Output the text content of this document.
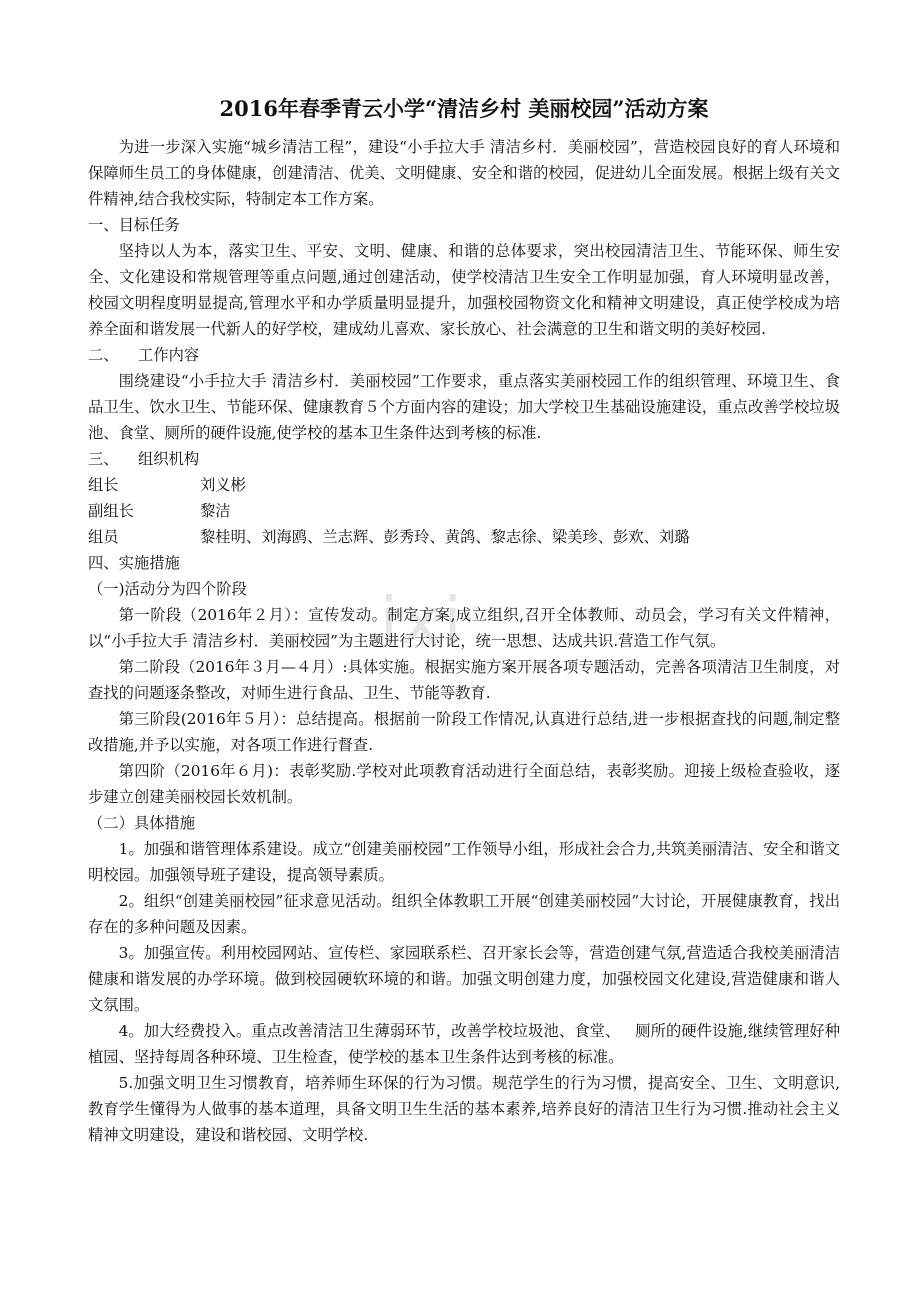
ixi
2016年春季青云小学“清洁乡村 美丽校园”活动方案

为进一步深入实施“城乡清洁工程”，建设“小手拉大手 清洁乡村．美丽校园”，营造校园良好的育人环境和保障师生员工的身体健康，创建清洁、优美、文明健康、安全和谐的校园，促进幼儿全面发展。根据上级有关文件精神,结合我校实际，特制定本工作方案。

一、目标任务

坚持以人为本，落实卫生、平安、文明、健康、和谐的总体要求，突出校园清洁卫生、节能环保、师生安全、文化建设和常规管理等重点问题,通过创建活动，使学校清洁卫生安全工作明显加强，育人环境明显改善，校园文明程度明显提高,管理水平和办学质量明显提升，加强校园物资文化和精神文明建设，真正使学校成为培养全面和谐发展一代新人的好学校，建成幼儿喜欢、家长放心、社会满意的卫生和谐文明的美好校园.

二、    工作内容

围绕建设“小手拉大手 清洁乡村．美丽校园”工作要求，重点落实美丽校园工作的组织管理、环境卫生、食品卫生、饮水卫生、节能环保、健康教育５个方面内容的建设；加大学校卫生基础设施建设，重点改善学校垃圾池、食堂、厕所的硬件设施,使学校的基本卫生条件达到考核的标准.

三、    组织机构

组长	刘义彬
副组长	黎洁
组员	黎桂明、刘海鸥、兰志辉、彭秀玲、黄鸽、黎志徐、梁美珍、彭欢、刘璐

四、实施措施

（一)活动分为四个阶段

第一阶段（2016年２月）：宣传发动。制定方案,成立组织,召开全体教师、动员会，学习有关文件精神，以“小手拉大手 清洁乡村．美丽校园”为主题进行大讨论，统一思想、达成共识.营造工作气氛。

第二阶段（2016年３月—４月）:具体实施。根据实施方案开展各项专题活动，完善各项清洁卫生制度，对查找的问题逐条整改，对师生进行食品、卫生、节能等教育.

第三阶段(2016年５月）：总结提高。根据前一阶段工作情况,认真进行总结,进一步根据查找的问题,制定整改措施,并予以实施，对各项工作进行督查.

第四阶（2016年６月)：表彰奖励.学校对此项教育活动进行全面总结，表彰奖励。迎接上级检查验收，逐步建立创建美丽校园长效机制。

（二）具体措施

1。加强和谐管理体系建设。成立“创建美丽校园”工作领导小组，形成社会合力,共筑美丽清洁、安全和谐文明校园。加强领导班子建设，提高领导素质。

2。组织“创建美丽校园”征求意见活动。组织全体教职工开展“创建美丽校园”大讨论，开展健康教育，找出存在的多种问题及因素。

3。加强宣传。利用校园网站、宣传栏、家园联系栏、召开家长会等，营造创建气氛,营造适合我校美丽清洁健康和谐发展的办学环境。做到校园硬软环境的和谐。加强文明创建力度，加强校园文化建设,营造健康和谐人文氛围。

4。加大经费投入。重点改善清洁卫生薄弱环节，改善学校垃圾池、食堂、   厕所的硬件设施,继续管理好种植园、坚持每周各种环境、卫生检查，使学校的基本卫生条件达到考核的标准。

5.加强文明卫生习惯教育，培养师生环保的行为习惯。规范学生的行为习惯，提高安全、卫生、文明意识,教育学生懂得为人做事的基本道理，具备文明卫生生活的基本素养,培养良好的清洁卫生行为习惯.推动社会主义精神文明建设，建设和谐校园、文明学校.
